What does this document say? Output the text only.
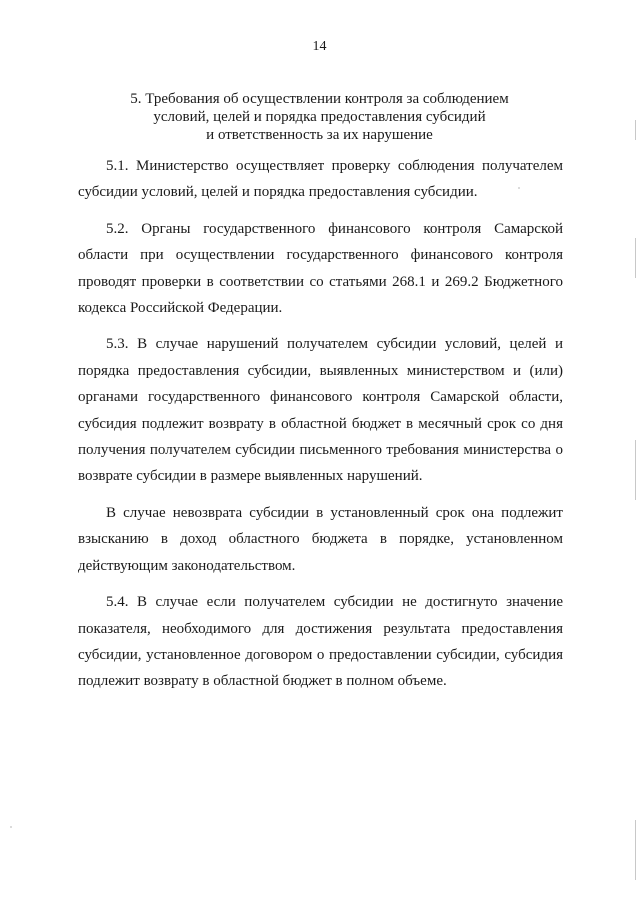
14
5. Требования об осуществлении контроля за соблюдением
условий, целей и порядка предоставления субсидий
и ответственность за их нарушение

5.1. Министерство осуществляет проверку соблюдения получателем субсидии условий, целей и порядка предоставления субсидии.

5.2. Органы государственного финансового контроля Самарской области при осуществлении государственного финансового контроля проводят проверки в соответствии со статьями 268.1 и 269.2 Бюджетного кодекса Российской Федерации.

5.3. В случае нарушений получателем субсидии условий, целей и порядка предоставления субсидии, выявленных министерством и (или) органами государственного финансового контроля Самарской области, субсидия подлежит возврату в областной бюджет в месячный срок со дня получения получателем субсидии письменного требования министерства о возврате субсидии в размере выявленных нарушений.

В случае невозврата субсидии в установленный срок она подлежит взысканию в доход областного бюджета в порядке, установленном действующим законодательством.

5.4. В случае если получателем субсидии не достигнуто значение показателя, необходимого для достижения результата предоставления субсидии, установленное договором о предоставлении субсидии, субсидия подлежит возврату в областной бюджет в полном объеме.
